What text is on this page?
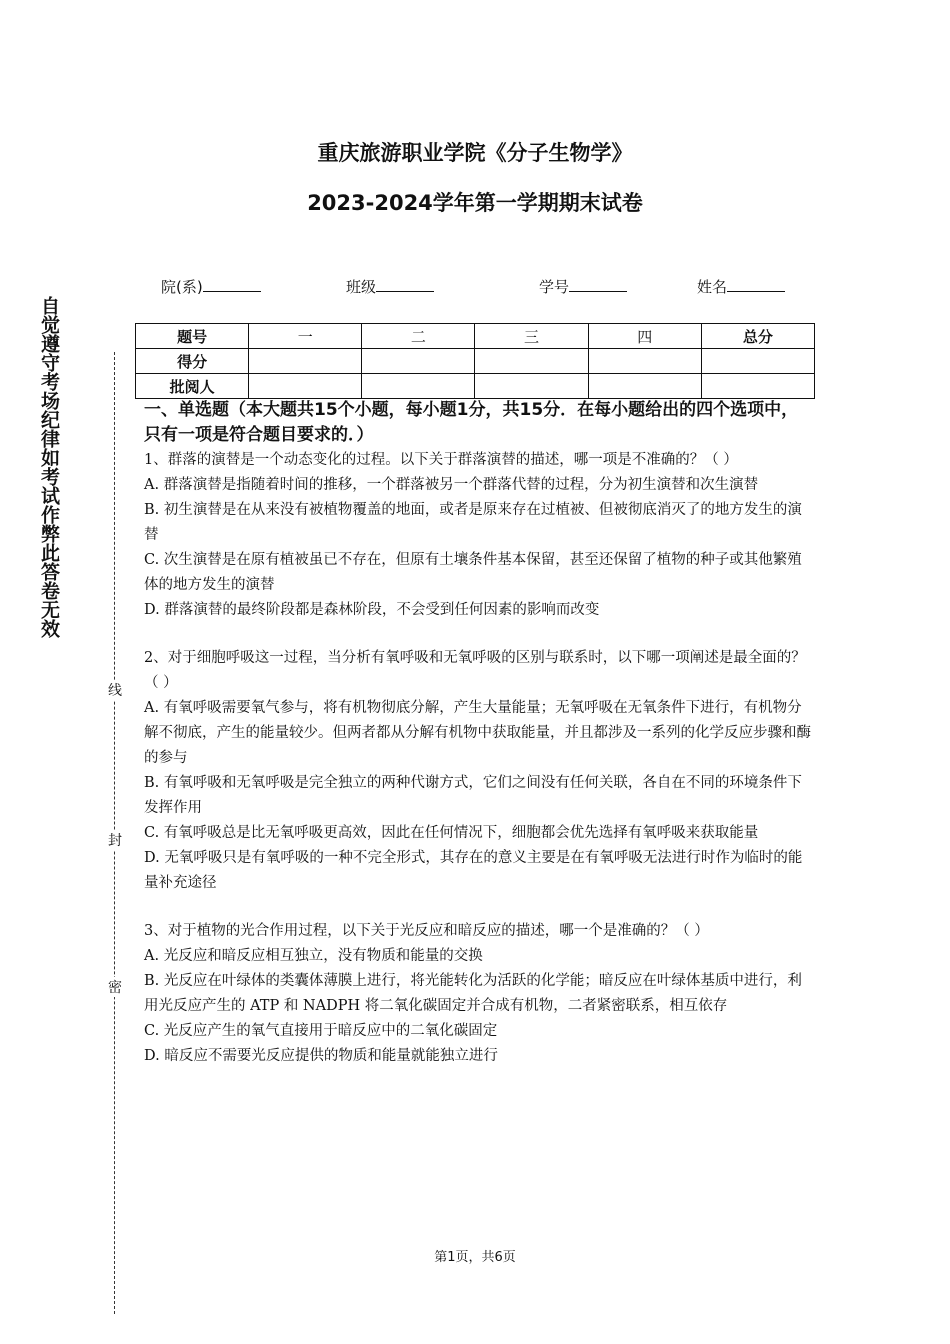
重庆旅游职业学院《分子生物学》
2023-2024学年第一学期期末试卷
院(系)	班级	学号	姓名
题号	一	二	三	四	总分
得分					
批阅人					
自觉遵守考场纪律如考试作弊此答卷无效
线
封
密

一、单选题（本大题共15个小题，每小题1分，共15分．在每小题给出的四个选项中，只有一项是符合题目要求的．）

1、群落的演替是一个动态变化的过程。以下关于群落演替的描述，哪一项是不准确的？（ ）

A. 群落演替是指随着时间的推移，一个群落被另一个群落代替的过程，分为初生演替和次生演替

B. 初生演替是在从来没有被植物覆盖的地面，或者是原来存在过植被、但被彻底消灭了的地方发生的演替

C. 次生演替是在原有植被虽已不存在，但原有土壤条件基本保留，甚至还保留了植物的种子或其他繁殖体的地方发生的演替

D. 群落演替的最终阶段都是森林阶段，不会受到任何因素的影响而改变

2、对于细胞呼吸这一过程，当分析有氧呼吸和无氧呼吸的区别与联系时，以下哪一项阐述是最全面的？（ ）

A. 有氧呼吸需要氧气参与，将有机物彻底分解，产生大量能量；无氧呼吸在无氧条件下进行，有机物分解不彻底，产生的能量较少。但两者都从分解有机物中获取能量，并且都涉及一系列的化学反应步骤和酶的参与

B. 有氧呼吸和无氧呼吸是完全独立的两种代谢方式，它们之间没有任何关联，各自在不同的环境条件下发挥作用

C. 有氧呼吸总是比无氧呼吸更高效，因此在任何情况下，细胞都会优先选择有氧呼吸来获取能量

D. 无氧呼吸只是有氧呼吸的一种不完全形式，其存在的意义主要是在有氧呼吸无法进行时作为临时的能量补充途径

3、对于植物的光合作用过程，以下关于光反应和暗反应的描述，哪一个是准确的？（ ）

A. 光反应和暗反应相互独立，没有物质和能量的交换

B. 光反应在叶绿体的类囊体薄膜上进行，将光能转化为活跃的化学能；暗反应在叶绿体基质中进行，利用光反应产生的 ATP 和 NADPH 将二氧化碳固定并合成有机物，二者紧密联系，相互依存

C. 光反应产生的氧气直接用于暗反应中的二氧化碳固定

D. 暗反应不需要光反应提供的物质和能量就能独立进行

第1页，共6页
